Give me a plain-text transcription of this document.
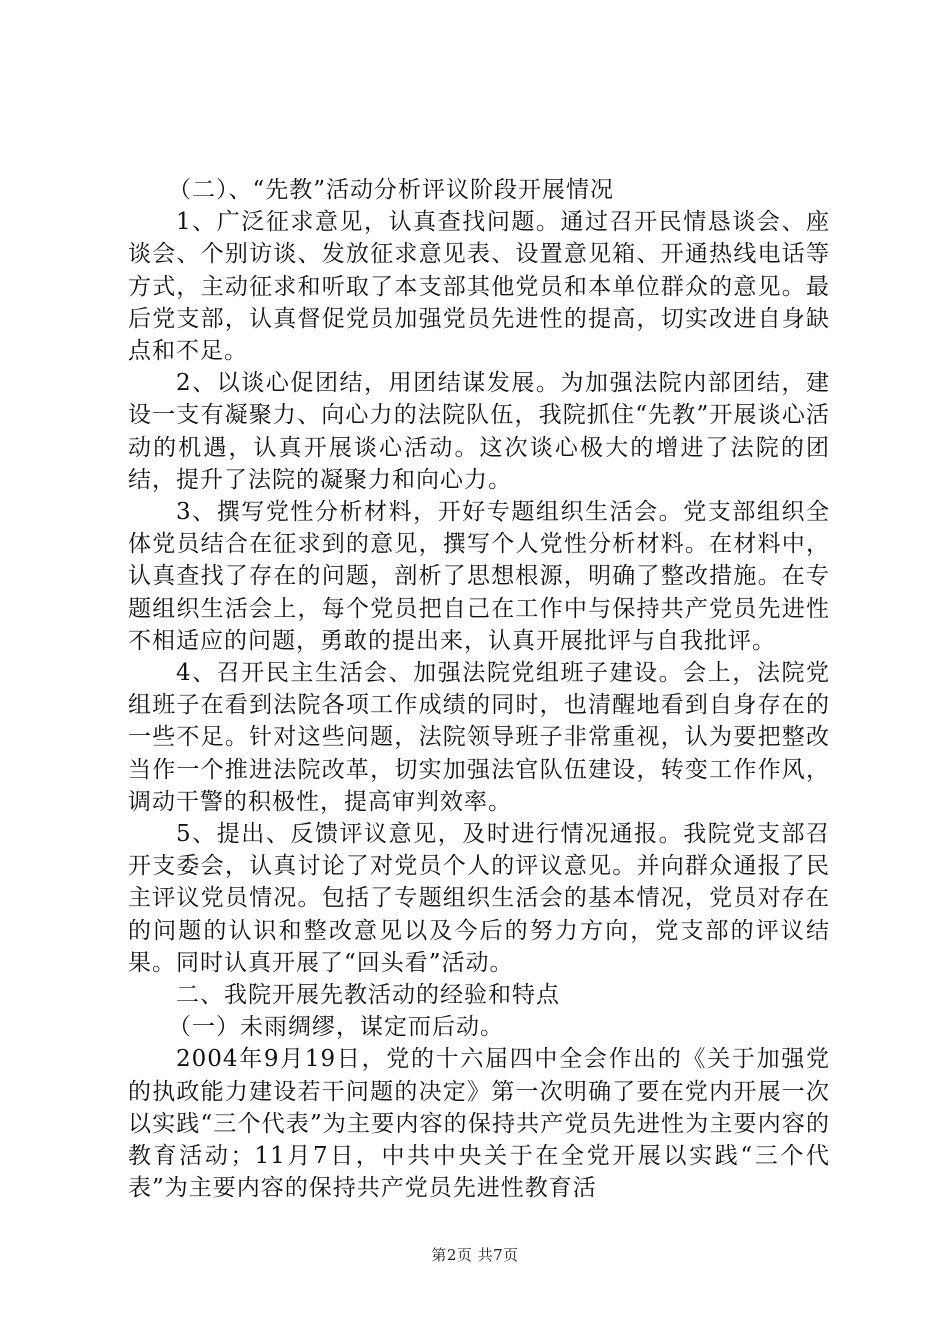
（二）、“先教”活动分析评议阶段开展情况

1、广泛征求意见，认真查找问题。通过召开民情恳谈会、座谈会、个别访谈、发放征求意见表、设置意见箱、开通热线电话等方式，主动征求和听取了本支部其他党员和本单位群众的意见。最后党支部，认真督促党员加强党员先进性的提高，切实改进自身缺点和不足。

2、以谈心促团结，用团结谋发展。为加强法院内部团结，建设一支有凝聚力、向心力的法院队伍，我院抓住“先教”开展谈心活动的机遇，认真开展谈心活动。这次谈心极大的增进了法院的团结，提升了法院的凝聚力和向心力。

3、撰写党性分析材料，开好专题组织生活会。党支部组织全体党员结合在征求到的意见，撰写个人党性分析材料。在材料中，认真查找了存在的问题，剖析了思想根源，明确了整改措施。在专题组织生活会上，每个党员把自己在工作中与保持共产党员先进性不相适应的问题，勇敢的提出来，认真开展批评与自我批评。

4、召开民主生活会、加强法院党组班子建设。会上，法院党组班子在看到法院各项工作成绩的同时，也清醒地看到自身存在的一些不足。针对这些问题，法院领导班子非常重视，认为要把整改当作一个推进法院改革，切实加强法官队伍建设，转变工作作风，调动干警的积极性，提高审判效率。

5、提出、反馈评议意见，及时进行情况通报。我院党支部召开支委会，认真讨论了对党员个人的评议意见。并向群众通报了民主评议党员情况。包括了专题组织生活会的基本情况，党员对存在的问题的认识和整改意见以及今后的努力方向，党支部的评议结果。同时认真开展了“回头看”活动。

二、我院开展先教活动的经验和特点

（一）未雨绸缪，谋定而后动。

2004年9月19日，党的十六届四中全会作出的《关于加强党的执政能力建设若干问题的决定》第一次明确了要在党内开展一次以实践“三个代表”为主要内容的保持共产党员先进性为主要内容的教育活动；11月7日，中共中央关于在全党开展以实践“三个代表”为主要内容的保持共产党员先进性教育活

第2页 共7页
